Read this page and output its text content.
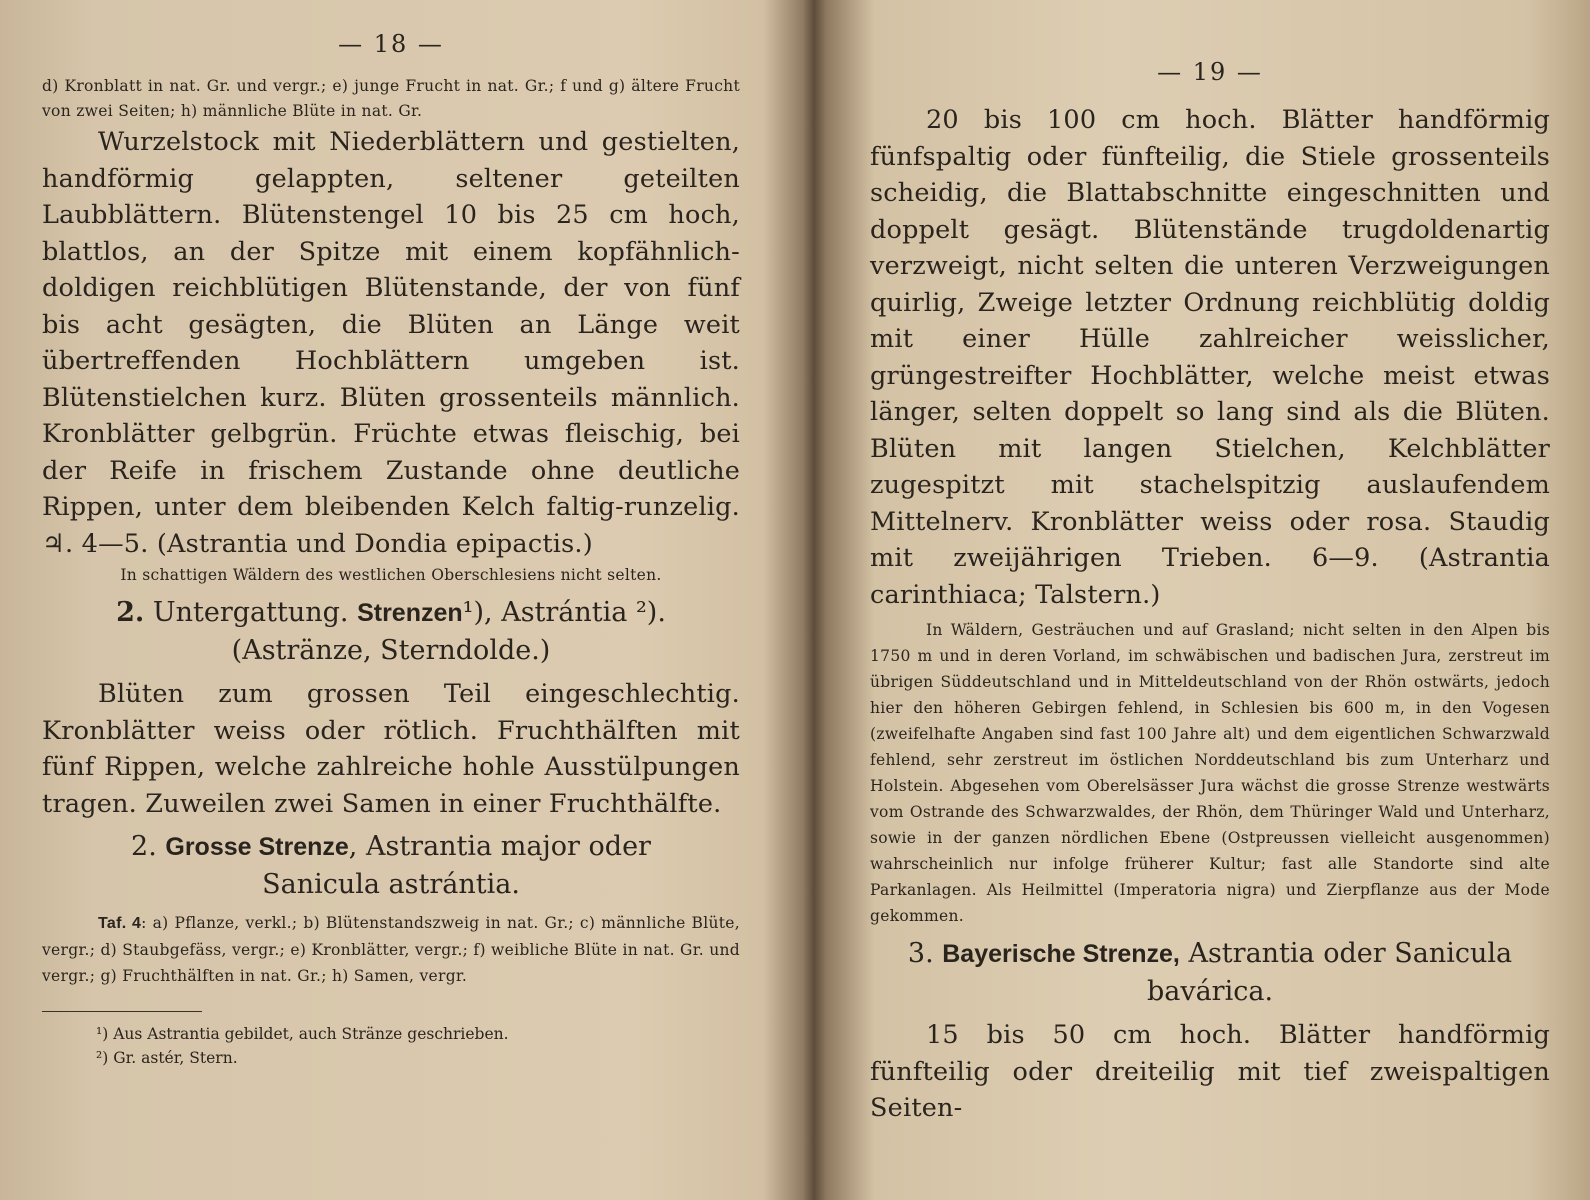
— 18 —

d) Kronblatt in nat. Gr. und vergr.; e) junge Frucht in nat. Gr.; f und g) ältere Frucht von zwei Seiten; h) männliche Blüte in nat. Gr.

Wurzelstock mit Niederblättern und gestielten, handförmig gelappten, seltener geteilten Laubblättern. Blütenstengel 10 bis 25 cm hoch, blattlos, an der Spitze mit einem kopfähnlich-doldigen reichblütigen Blütenstande, der von fünf bis acht gesägten, die Blüten an Länge weit übertreffenden Hochblättern umgeben ist. Blütenstielchen kurz. Blüten grossenteils männlich. Kronblätter gelbgrün. Früchte etwas fleischig, bei der Reife in frischem Zustande ohne deutliche Rippen, unter dem bleibenden Kelch faltig-runzelig. ♃. 4—5. (Astrantia und Dondia epipactis.)

In schattigen Wäldern des westlichen Oberschlesiens nicht selten.

2. Untergattung. Strenzen¹), Astrántia ²).
(Astränze, Sterndolde.)

Blüten zum grossen Teil eingeschlechtig. Kronblätter weiss oder rötlich. Fruchthälften mit fünf Rippen, welche zahlreiche hohle Ausstülpungen tragen. Zuweilen zwei Samen in einer Fruchthälfte.

2. Grosse Strenze, Astrantia major oder
Sanicula astrántia.

Taf. 4: a) Pflanze, verkl.; b) Blütenstandszweig in nat. Gr.; c) männliche Blüte, vergr.; d) Staubgefäss, vergr.; e) Kronblätter, vergr.; f) weibliche Blüte in nat. Gr. und vergr.; g) Fruchthälften in nat. Gr.; h) Samen, vergr.

¹) Aus Astrantia gebildet, auch Stränze geschrieben.

²) Gr. astér, Stern.

— 19 —

20 bis 100 cm hoch. Blätter handförmig fünfspaltig oder fünfteilig, die Stiele grossenteils scheidig, die Blattabschnitte eingeschnitten und doppelt gesägt. Blütenstände trugdoldenartig verzweigt, nicht selten die unteren Verzweigungen quirlig, Zweige letzter Ordnung reichblütig doldig mit einer Hülle zahlreicher weisslicher, grüngestreifter Hochblätter, welche meist etwas länger, selten doppelt so lang sind als die Blüten. Blüten mit langen Stielchen, Kelchblätter zugespitzt mit stachelspitzig auslaufendem Mittelnerv. Kronblätter weiss oder rosa. Staudig mit zweijährigen Trieben. 6—9. (Astrantia carinthiaca; Talstern.)

In Wäldern, Gesträuchen und auf Grasland; nicht selten in den Alpen bis 1750 m und in deren Vorland, im schwäbischen und badischen Jura, zerstreut im übrigen Süddeutschland und in Mitteldeutschland von der Rhön ostwärts, jedoch hier den höheren Gebirgen fehlend, in Schlesien bis 600 m, in den Vogesen (zweifelhafte Angaben sind fast 100 Jahre alt) und dem eigentlichen Schwarzwald fehlend, sehr zerstreut im östlichen Norddeutschland bis zum Unterharz und Holstein. Abgesehen vom Oberelsässer Jura wächst die grosse Strenze westwärts vom Ostrande des Schwarzwaldes, der Rhön, dem Thüringer Wald und Unterharz, sowie in der ganzen nördlichen Ebene (Ostpreussen vielleicht ausgenommen) wahrscheinlich nur infolge früherer Kultur; fast alle Standorte sind alte Parkanlagen. Als Heilmittel (Imperatoria nigra) und Zierpflanze aus der Mode gekommen.

3. Bayerische Strenze, Astrantia oder Sanicula
bavárica.

15 bis 50 cm hoch. Blätter handförmig fünfteilig oder dreiteilig mit tief zweispaltigen Seiten-
